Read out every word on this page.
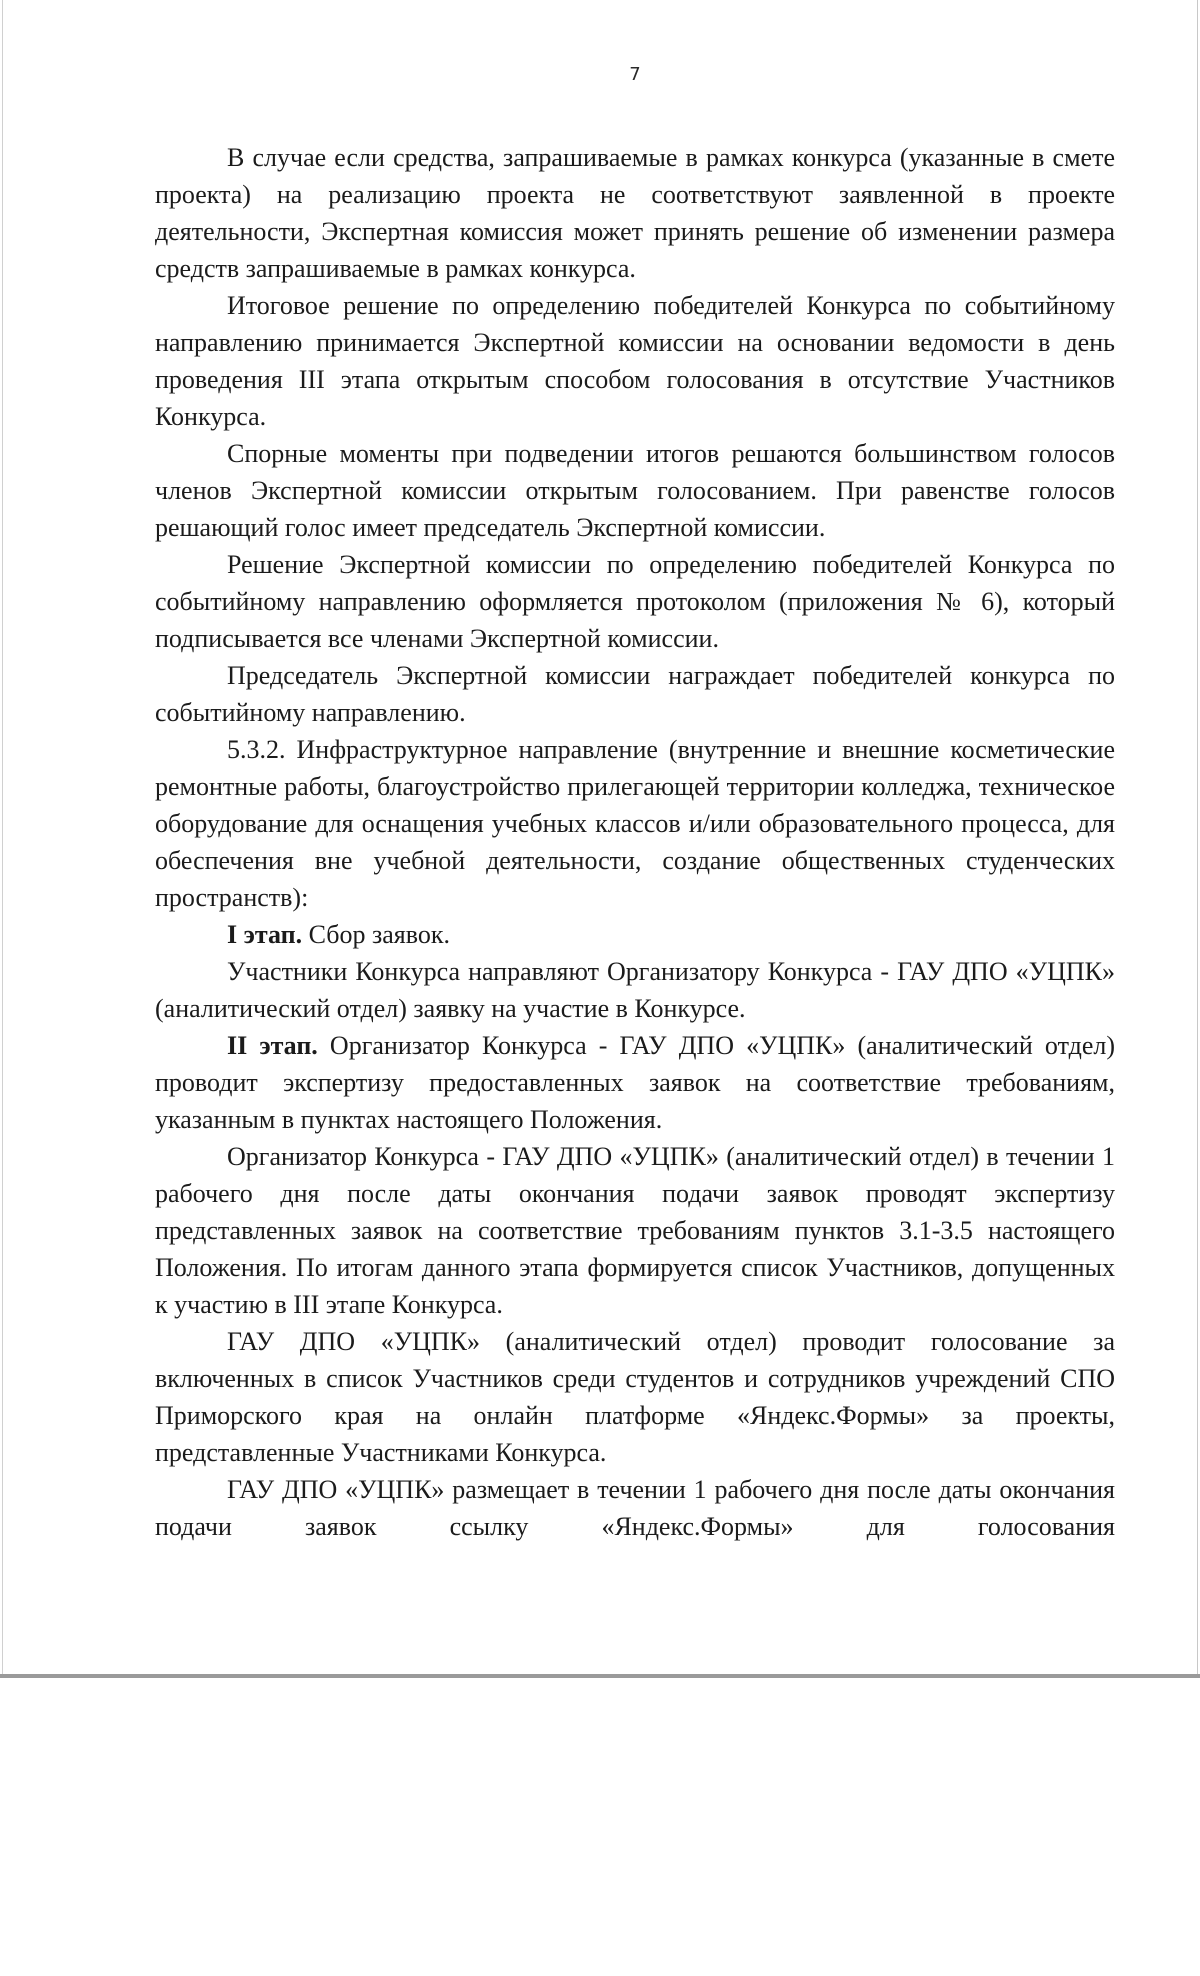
7

В случае если средства, запрашиваемые в рамках конкурса (указанные в смете проекта) на реализацию проекта не соответствуют заявленной в проекте деятельности, Экспертная комиссия может принять решение об изменении размера средств запрашиваемые в рамках конкурса.

Итоговое решение по определению победителей Конкурса по событийному направлению принимается Экспертной комиссии на основании ведомости в день проведения III этапа открытым способом голосования в отсутствие Участников Конкурса.

Спорные моменты при подведении итогов решаются большинством голосов членов Экспертной комиссии открытым голосованием. При равенстве голосов решающий голос имеет председатель Экспертной комиссии.

Решение Экспертной комиссии по определению победителей Конкурса по событийному направлению оформляется протоколом (приложения № 6), который подписывается все членами Экспертной комиссии.

Председатель Экспертной комиссии награждает победителей конкурса по событийному направлению.

5.3.2. Инфраструктурное направление (внутренние и внешние косметические ремонтные работы, благоустройство прилегающей территории колледжа, техническое оборудование для оснащения учебных классов и/или образовательного процесса, для обеспечения вне учебной деятельности, создание общественных студенческих пространств):

I этап. Сбор заявок.

Участники Конкурса направляют Организатору Конкурса - ГАУ ДПО «УЦПК» (аналитический отдел) заявку на участие в Конкурсе.

II этап. Организатор Конкурса - ГАУ ДПО «УЦПК» (аналитический отдел) проводит экспертизу предоставленных заявок на соответствие требованиям, указанным в пунктах настоящего Положения.

Организатор Конкурса - ГАУ ДПО «УЦПК» (аналитический отдел) в течении 1 рабочего дня после даты окончания подачи заявок проводят экспертизу представленных заявок на соответствие требованиям пунктов 3.1-3.5 настоящего Положения. По итогам данного этапа формируется список Участников, допущенных к участию в III этапе Конкурса.

ГАУ ДПО «УЦПК» (аналитический отдел) проводит голосование за включенных в список Участников среди студентов и сотрудников учреждений СПО Приморского края на онлайн платформе «Яндекс.Формы» за проекты, представленные Участниками Конкурса.

ГАУ ДПО «УЦПК» размещает в течении 1 рабочего дня после даты окончания подачи заявок ссылку «Яндекс.Формы» для голосования
